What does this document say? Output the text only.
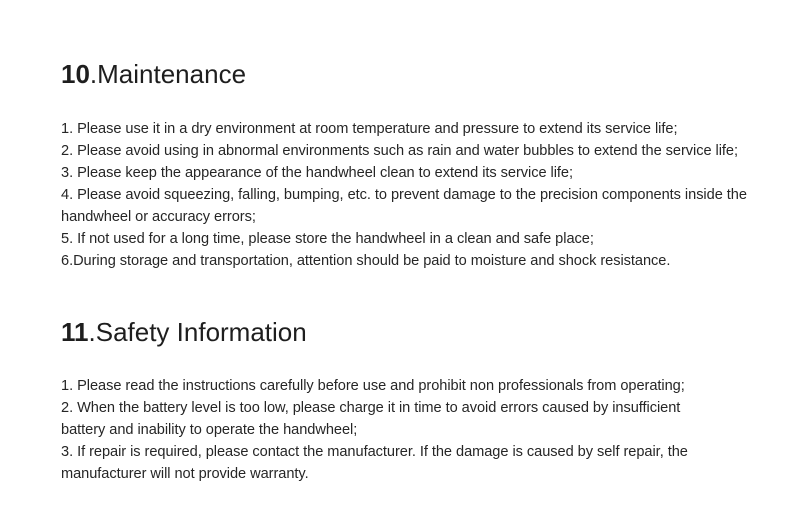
10.Maintenance
1. Please use it in a dry environment at room temperature and pressure to extend its service life;
2. Please avoid using in abnormal environments such as rain and water bubbles to extend the service life;
3. Please keep the appearance of the handwheel clean to extend its service life;
4. Please avoid squeezing, falling, bumping, etc. to prevent damage to the precision components inside the handwheel or accuracy errors;
5. If not used for a long time, please store the handwheel in a clean and safe place;
6.During storage and transportation, attention should be paid to moisture and shock resistance.
11.Safety Information
1. Please read the instructions carefully before use and prohibit non professionals from operating;
2. When the battery level is too low, please charge it in time to avoid errors caused by insufficient battery and inability to operate the handwheel;
3. If repair is required, please contact the manufacturer. If the damage is caused by self repair, the manufacturer will not provide warranty.
